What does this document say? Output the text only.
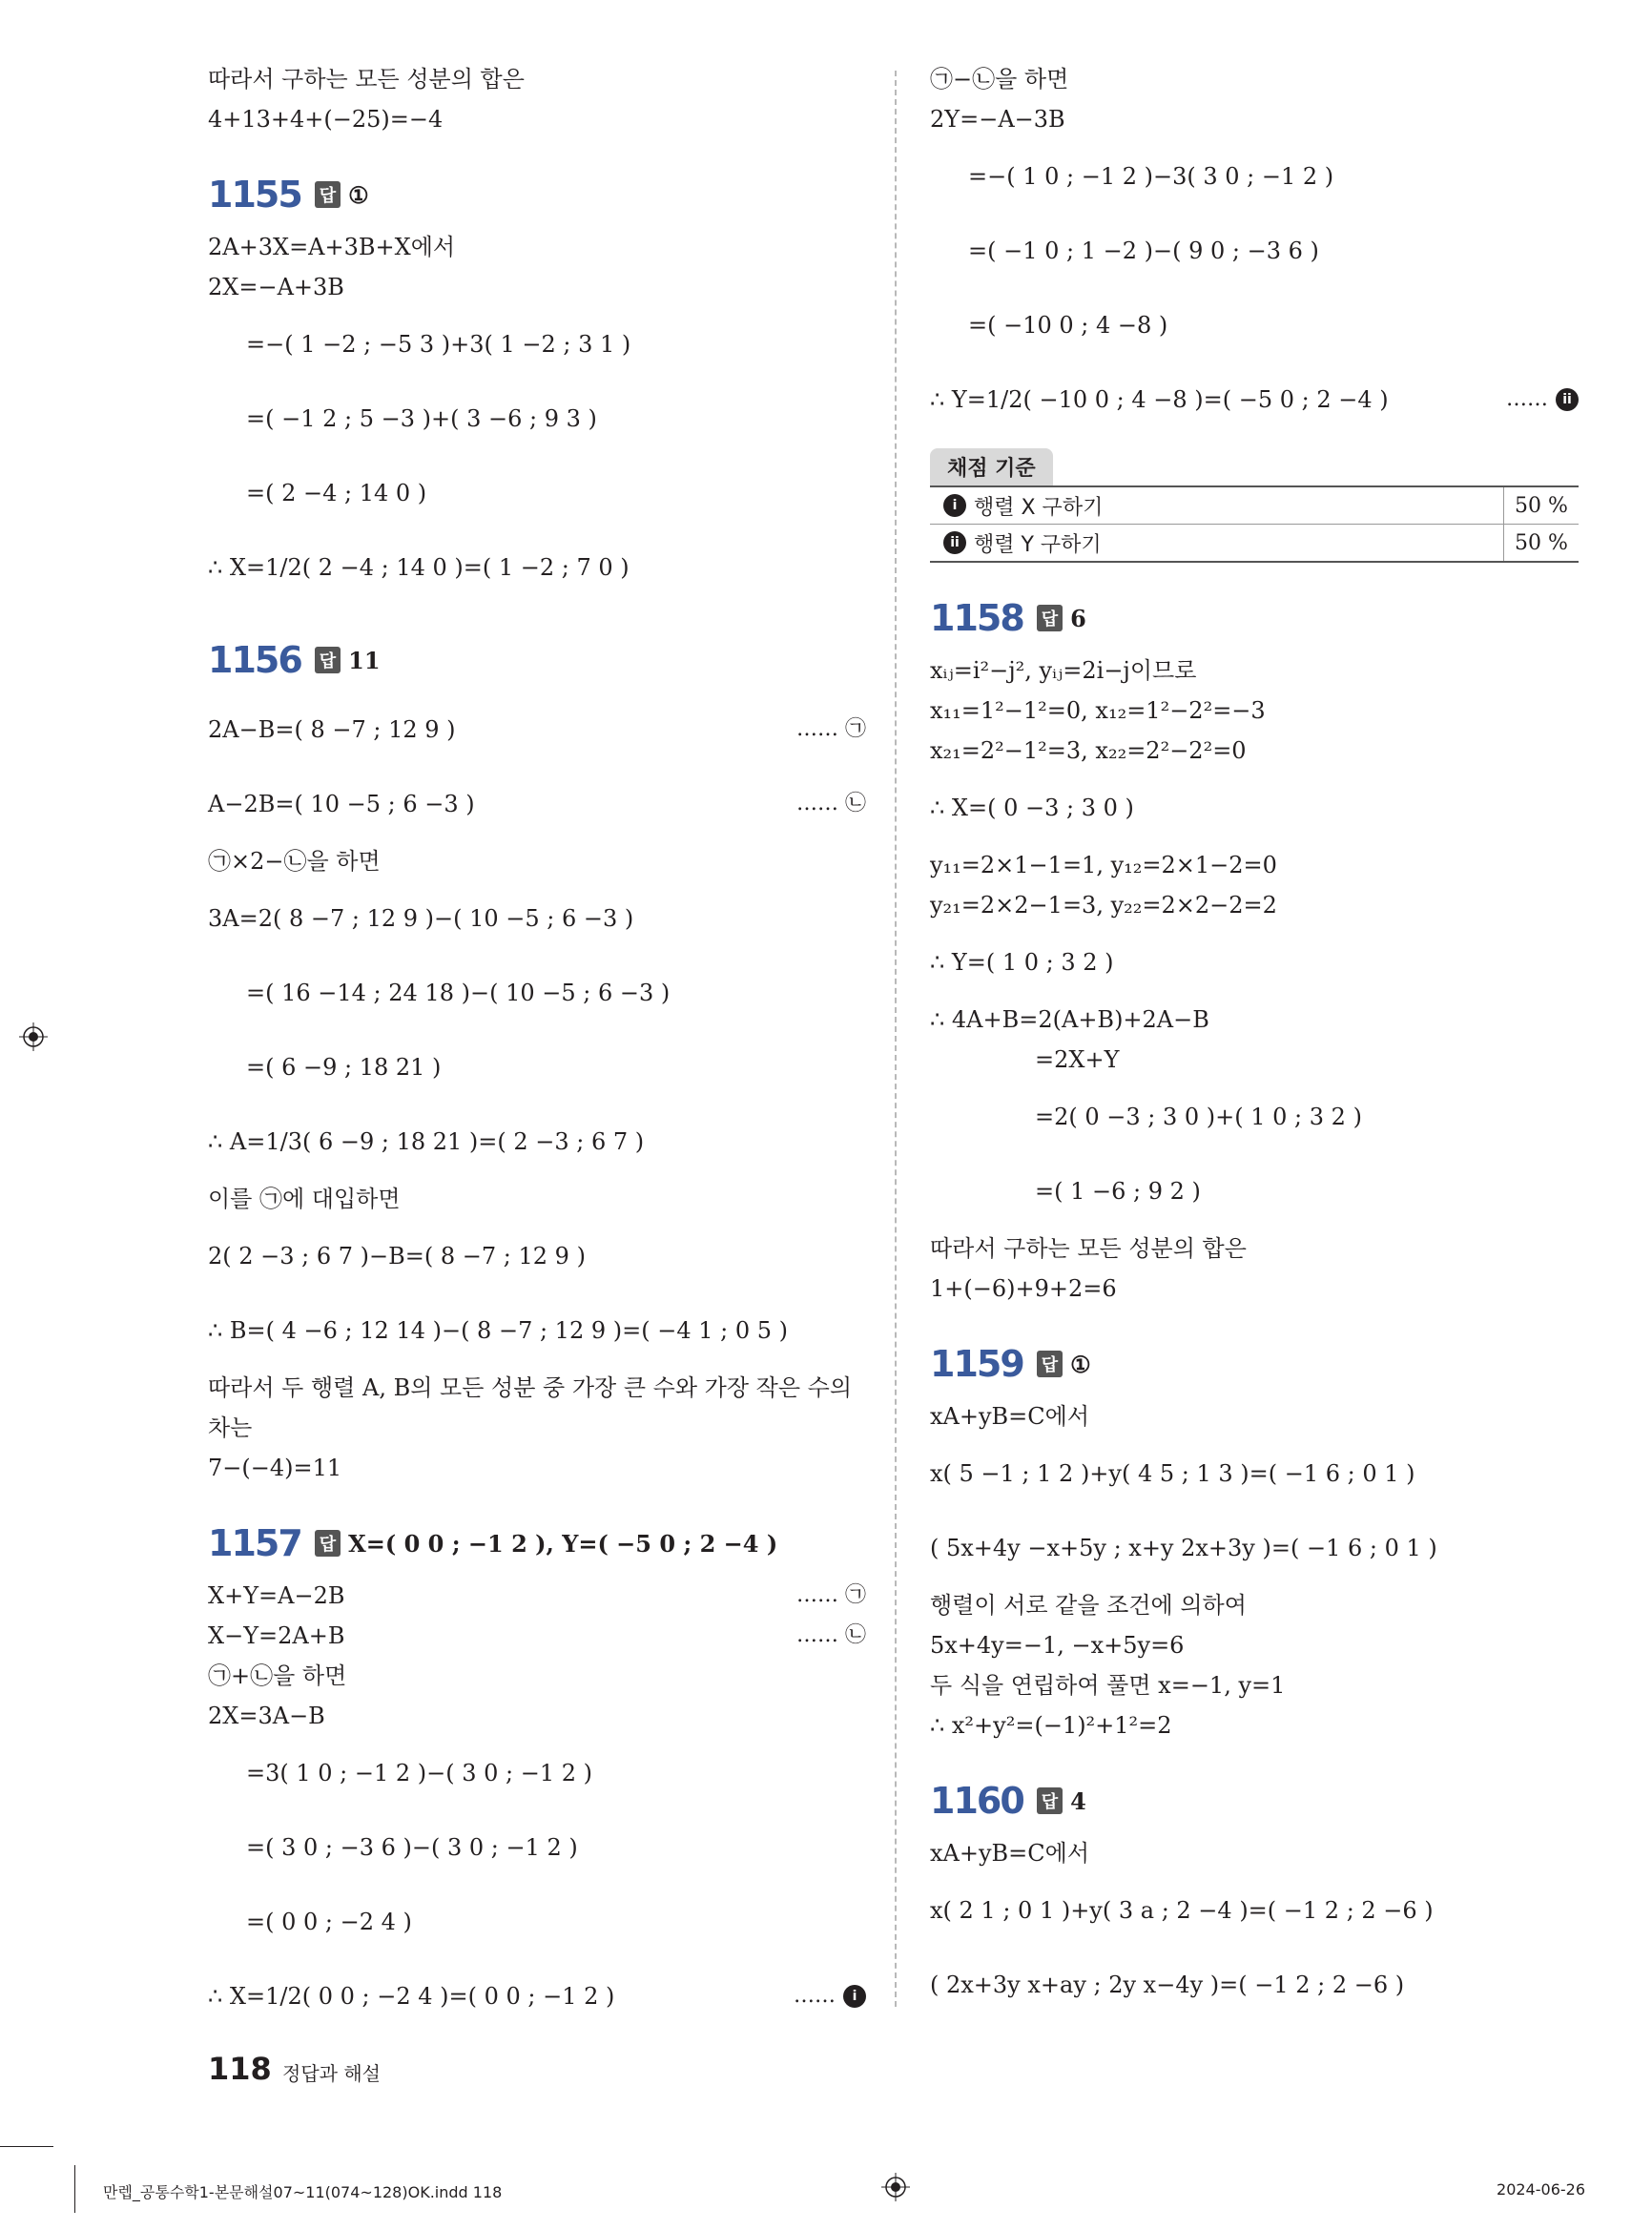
따라서 구하는 모든 성분의 합은
4+13+4+(−25)=−4
1155 답 ①
2A+3X=A+3B+X에서
2X=−A+3B
=−( 1 −2 ; −5 3 )+3( 1 −2 ; 3 1 )
=( −1 2 ; 5 −3 )+( 3 −6 ; 9 3 )
=( 2 −4 ; 14 0 )
∴ X=1/2( 2 −4 ; 14 0 )=( 1 −2 ; 7 0 )
1156 답 11
2A−B=( 8 −7 ; 12 9 )	…… ㉠
A−2B=( 10 −5 ; 6 −3 )	…… ㉡
㉠×2−㉡을 하면
3A=2( 8 −7 ; 12 9 )−( 10 −5 ; 6 −3 )
=( 16 −14 ; 24 18 )−( 10 −5 ; 6 −3 )
=( 6 −9 ; 18 21 )
∴ A=1/3( 6 −9 ; 18 21 )=( 2 −3 ; 6 7 )
이를 ㉠에 대입하면
2( 2 −3 ; 6 7 )−B=( 8 −7 ; 12 9 )
∴ B=( 4 −6 ; 12 14 )−( 8 −7 ; 12 9 )=( −4 1 ; 0 5 )
따라서 두 행렬 A, B의 모든 성분 중 가장 큰 수와 가장 작은 수의
차는
7−(−4)=11
1157 답 X=( 0 0 ; −1 2 ), Y=( −5 0 ; 2 −4 )
X+Y=A−2B	…… ㉠
X−Y=2A+B	…… ㉡
㉠+㉡을 하면
2X=3A−B
=3( 1 0 ; −1 2 )−( 3 0 ; −1 2 )
=( 3 0 ; −3 6 )−( 3 0 ; −1 2 )
=( 0 0 ; −2 4 )
∴ X=1/2( 0 0 ; −2 4 )=( 0 0 ; −1 2 )	……	i
㉠−㉡을 하면
2Y=−A−3B
=−( 1 0 ; −1 2 )−3( 3 0 ; −1 2 )
=( −1 0 ; 1 −2 )−( 9 0 ; −3 6 )
=( −10 0 ; 4 −8 )
∴ Y=1/2( −10 0 ; 4 −8 )=( −5 0 ; 2 −4 )	……	ii
채점 기준
i 행렬 X 구하기	50 %
ii 행렬 Y 구하기	50 %
1158 답 6
xᵢⱼ=i²−j², yᵢⱼ=2i−j이므로
x₁₁=1²−1²=0, x₁₂=1²−2²=−3
x₂₁=2²−1²=3, x₂₂=2²−2²=0
∴ X=( 0 −3 ; 3 0 )
y₁₁=2×1−1=1, y₁₂=2×1−2=0
y₂₁=2×2−1=3, y₂₂=2×2−2=2
∴ Y=( 1 0 ; 3 2 )
∴ 4A+B=2(A+B)+2A−B
=2X+Y
=2( 0 −3 ; 3 0 )+( 1 0 ; 3 2 )
=( 1 −6 ; 9 2 )
따라서 구하는 모든 성분의 합은
1+(−6)+9+2=6
1159 답 ①
xA+yB=C에서
x( 5 −1 ; 1 2 )+y( 4 5 ; 1 3 )=( −1 6 ; 0 1 )
( 5x+4y −x+5y ; x+y 2x+3y )=( −1 6 ; 0 1 )
행렬이 서로 같을 조건에 의하여
5x+4y=−1, −x+5y=6
두 식을 연립하여 풀면 x=−1, y=1
∴ x²+y²=(−1)²+1²=2
1160 답 4
xA+yB=C에서
x( 2 1 ; 0 1 )+y( 3 a ; 2 −4 )=( −1 2 ; 2 −6 )
( 2x+3y x+ay ; 2y x−4y )=( −1 2 ; 2 −6 )
118 정답과 해설
만렙_공통수학1-본문해설07~11(074~128)OK.indd 118	2024-06-26
